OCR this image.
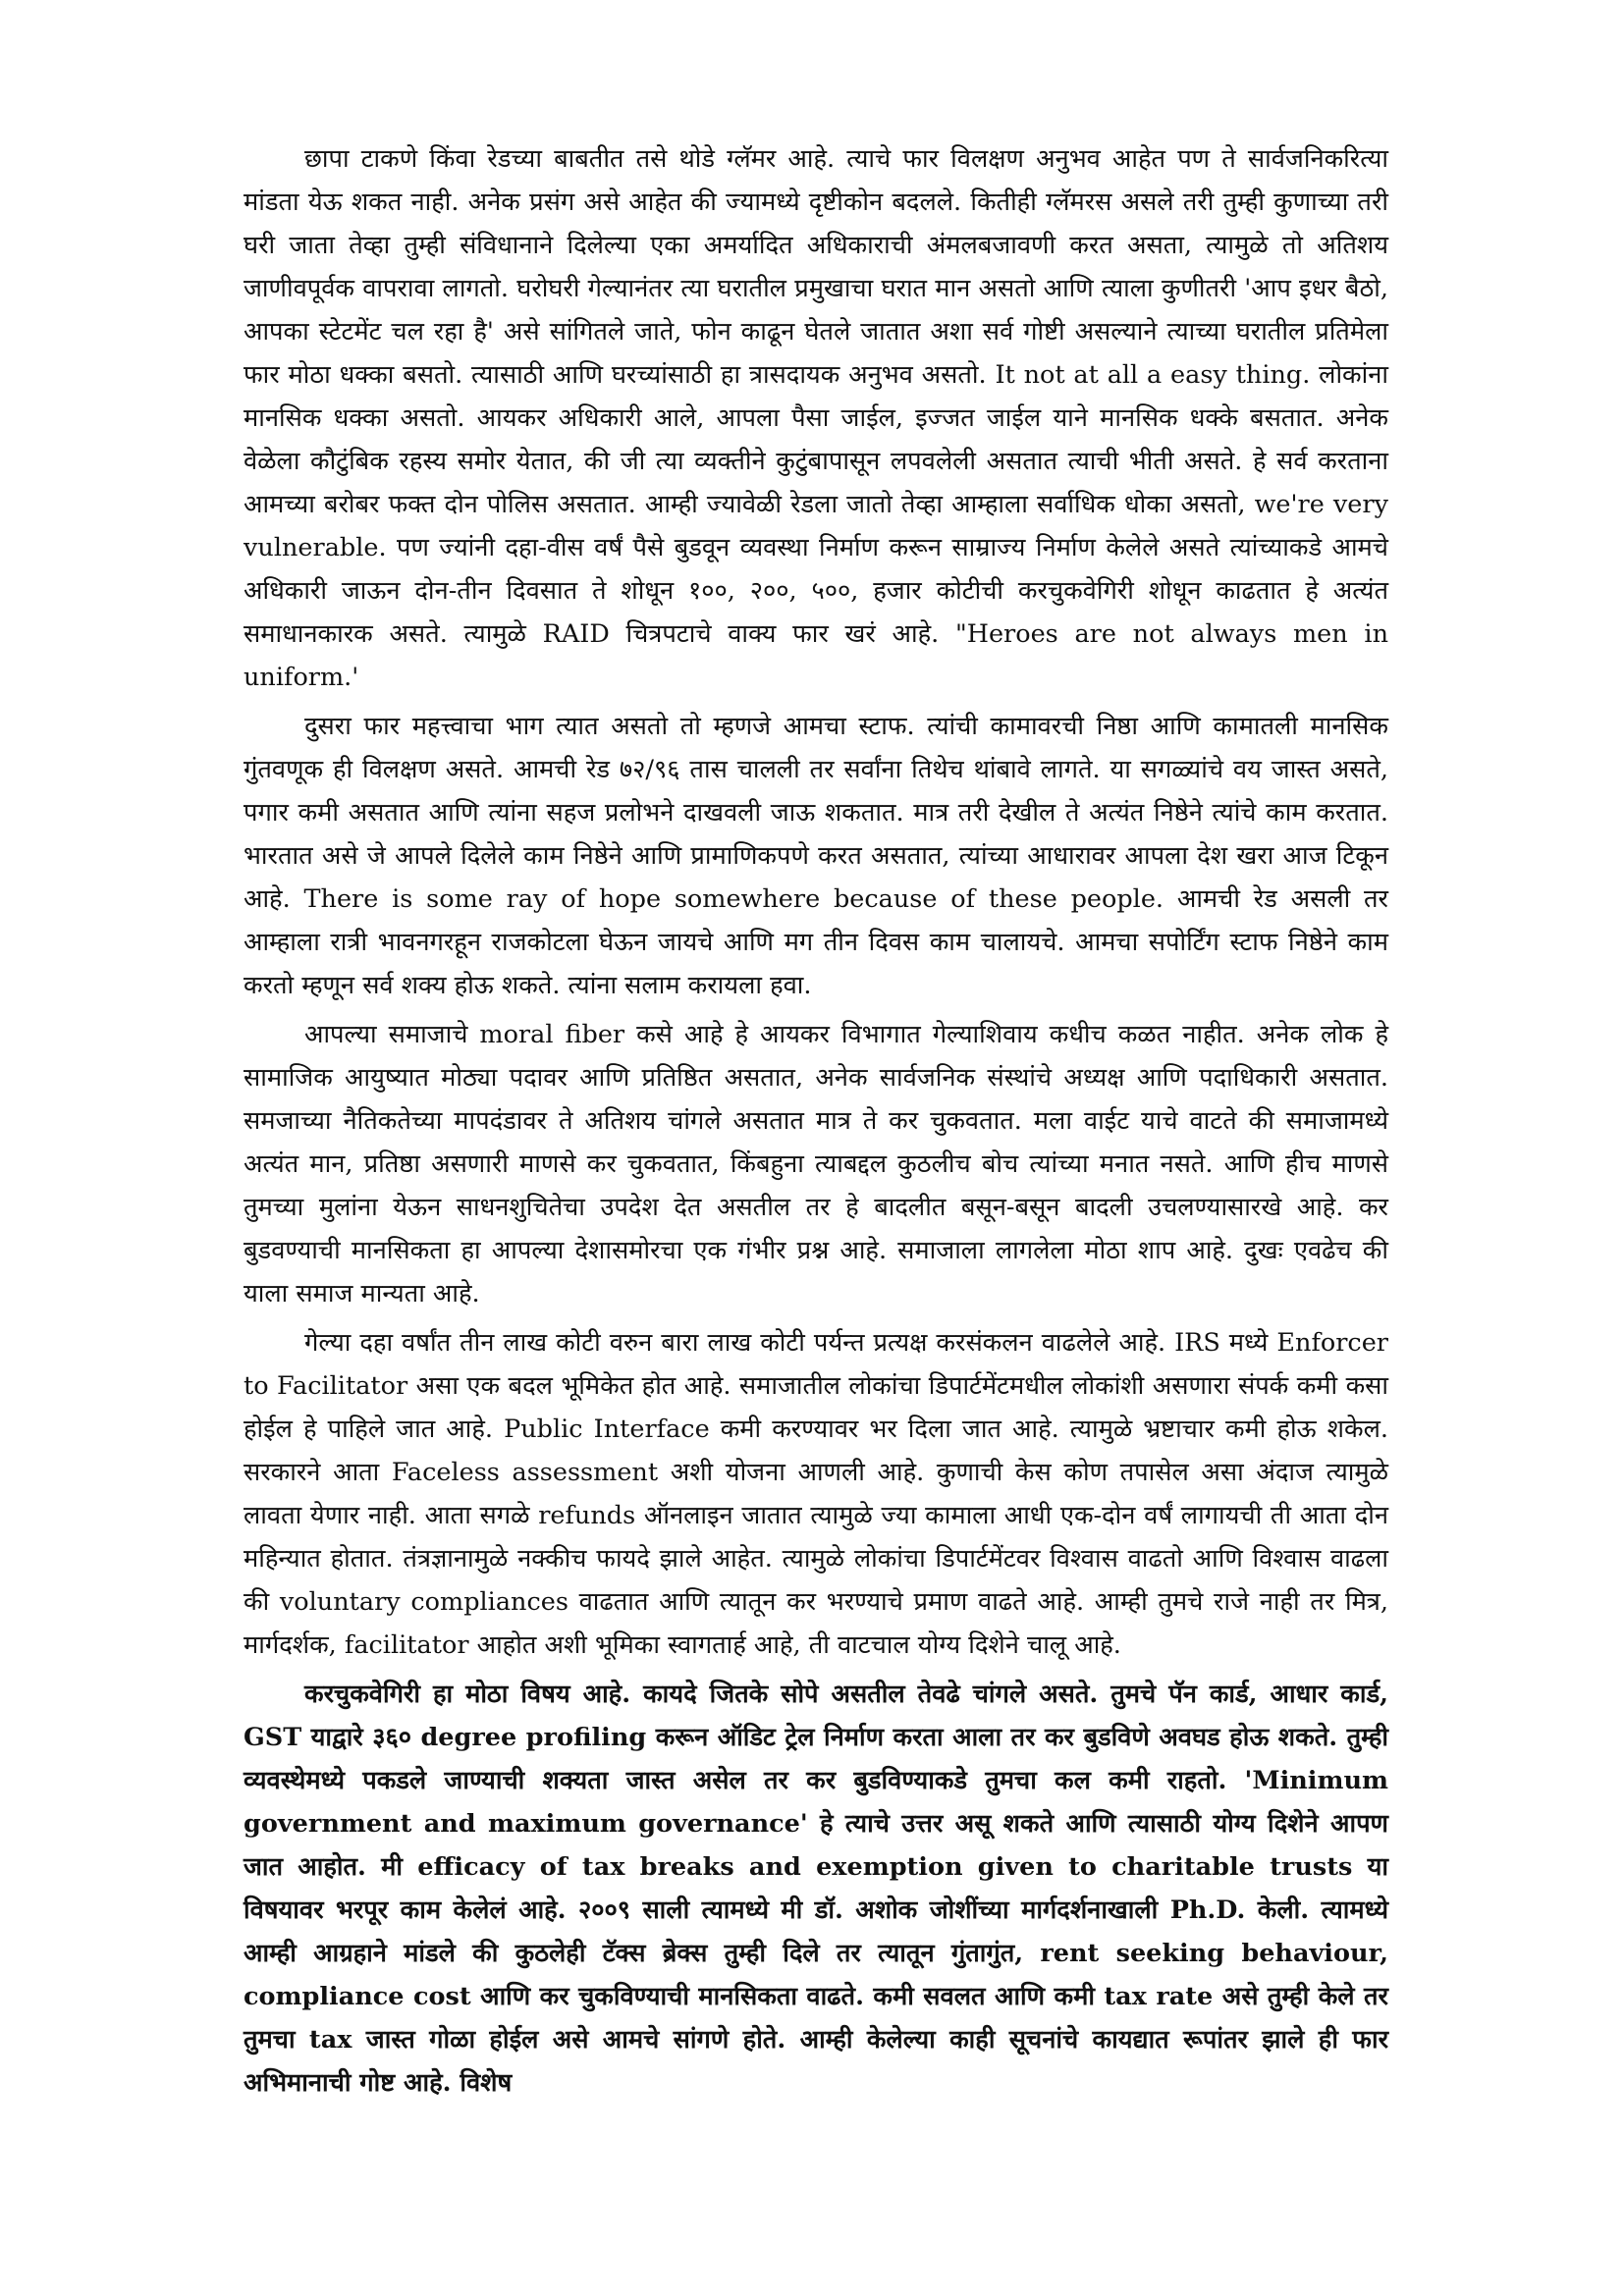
छापा टाकणे किंवा रेडच्या बाबतीत तसे थोडे ग्लॅमर आहे. त्याचे फार विलक्षण अनुभव आहेत पण ते सार्वजनिकरित्या मांडता येऊ शकत नाही. अनेक प्रसंग असे आहेत की ज्यामध्ये दृष्टीकोन बदलले. कितीही ग्लॅमरस असले तरी तुम्ही कुणाच्या तरी घरी जाता तेव्हा तुम्ही संविधानाने दिलेल्या एका अमर्यादित अधिकाराची अंमलबजावणी करत असता, त्यामुळे तो अतिशय जाणीवपूर्वक वापरावा लागतो. घरोघरी गेल्यानंतर त्या घरातील प्रमुखाचा घरात मान असतो आणि त्याला कुणीतरी 'आप इधर बैठो, आपका स्टेटमेंट चल रहा है' असे सांगितले जाते, फोन काढून घेतले जातात अशा सर्व गोष्टी असल्याने त्याच्या घरातील प्रतिमेला फार मोठा धक्का बसतो. त्यासाठी आणि घरच्यांसाठी हा त्रासदायक अनुभव असतो. It not at all a easy thing. लोकांना मानसिक धक्का असतो. आयकर अधिकारी आले, आपला पैसा जाईल, इज्जत जाईल याने मानसिक धक्के बसतात. अनेक वेळेला कौटुंबिक रहस्य समोर येतात, की जी त्या व्यक्तीने कुटुंबापासून लपवलेली असतात त्याची भीती असते. हे सर्व करताना आमच्या बरोबर फक्त दोन पोलिस असतात. आम्ही ज्यावेळी रेडला जातो तेव्हा आम्हाला सर्वाधिक धोका असतो, we're very vulnerable. पण ज्यांनी दहा-वीस वर्षं पैसे बुडवून व्यवस्था निर्माण करून साम्राज्य निर्माण केलेले असते त्यांच्याकडे आमचे अधिकारी जाऊन दोन-तीन दिवसात ते शोधून १००, २००, ५००, हजार कोटीची करचुकवेगिरी शोधून काढतात हे अत्यंत समाधानकारक असते. त्यामुळे RAID चित्रपटाचे वाक्य फार खरं आहे. "Heroes are not always men in uniform.'

दुसरा फार महत्त्वाचा भाग त्यात असतो तो म्हणजे आमचा स्टाफ. त्यांची कामावरची निष्ठा आणि कामातली मानसिक गुंतवणूक ही विलक्षण असते. आमची रेड ७२/९६ तास चालली तर सर्वांना तिथेच थांबावे लागते. या सगळ्यांचे वय जास्त असते, पगार कमी असतात आणि त्यांना सहज प्रलोभने दाखवली जाऊ शकतात. मात्र तरी देखील ते अत्यंत निष्ठेने त्यांचे काम करतात. भारतात असे जे आपले दिलेले काम निष्ठेने आणि प्रामाणिकपणे करत असतात, त्यांच्या आधारावर आपला देश खरा आज टिकून आहे. There is some ray of hope somewhere because of these people. आमची रेड असली तर आम्हाला रात्री भावनगरहून राजकोटला घेऊन जायचे आणि मग तीन दिवस काम चालायचे. आमचा सपोर्टिंग स्टाफ निष्ठेने काम करतो म्हणून सर्व शक्य होऊ शकते. त्यांना सलाम करायला हवा.

आपल्या समाजाचे moral fiber कसे आहे हे आयकर विभागात गेल्याशिवाय कधीच कळत नाहीत. अनेक लोक हे सामाजिक आयुष्यात मोठ्या पदावर आणि प्रतिष्ठित असतात, अनेक सार्वजनिक संस्थांचे अध्यक्ष आणि पदाधिकारी असतात. समजाच्या नैतिकतेच्या मापदंडावर ते अतिशय चांगले असतात मात्र ते कर चुकवतात. मला वाईट याचे वाटते की समाजामध्ये अत्यंत मान, प्रतिष्ठा असणारी माणसे कर चुकवतात, किंबहुना त्याबद्दल कुठलीच बोच त्यांच्या मनात नसते. आणि हीच माणसे तुमच्या मुलांना येऊन साधनशुचितेचा उपदेश देत असतील तर हे बादलीत बसून-बसून बादली उचलण्यासारखे आहे. कर बुडवण्याची मानसिकता हा आपल्या देशासमोरचा एक गंभीर प्रश्न आहे. समाजाला लागलेला मोठा शाप आहे. दुखः एवढेच की याला समाज मान्यता आहे.

गेल्या दहा वर्षांत तीन लाख कोटी वरुन बारा लाख कोटी पर्यन्त प्रत्यक्ष करसंकलन वाढलेले आहे. IRS मध्ये Enforcer to Facilitator असा एक बदल भूमिकेत होत आहे. समाजातील लोकांचा डिपार्टमेंटमधील लोकांशी असणारा संपर्क कमी कसा होईल हे पाहिले जात आहे. Public Interface कमी करण्यावर भर दिला जात आहे. त्यामुळे भ्रष्टाचार कमी होऊ शकेल. सरकारने आता Faceless assessment अशी योजना आणली आहे. कुणाची केस कोण तपासेल असा अंदाज त्यामुळे लावता येणार नाही. आता सगळे refunds ऑनलाइन जातात त्यामुळे ज्या कामाला आधी एक-दोन वर्षं लागायची ती आता दोन महिन्यात होतात. तंत्रज्ञानामुळे नक्कीच फायदे झाले आहेत. त्यामुळे लोकांचा डिपार्टमेंटवर विश्वास वाढतो आणि विश्वास वाढला की voluntary compliances वाढतात आणि त्यातून कर भरण्याचे प्रमाण वाढते आहे. आम्ही तुमचे राजे नाही तर मित्र, मार्गदर्शक, facilitator आहोत अशी भूमिका स्वागतार्ह आहे, ती वाटचाल योग्य दिशेने चालू आहे.

करचुकवेगिरी हा मोठा विषय आहे. कायदे जितके सोपे असतील तेवढे चांगले असते. तुमचे पॅन कार्ड, आधार कार्ड, GST याद्वारे ३६० degree profiling करून ऑडिट ट्रेल निर्माण करता आला तर कर बुडविणे अवघड होऊ शकते. तुम्ही व्यवस्थेमध्ये पकडले जाण्याची शक्यता जास्त असेल तर कर बुडविण्याकडे तुमचा कल कमी राहतो. 'Minimum government and maximum governance' हे त्याचे उत्तर असू शकते आणि त्यासाठी योग्य दिशेने आपण जात आहोत. मी efficacy of tax breaks and exemption given to charitable trusts या विषयावर भरपूर काम केलेलं आहे. २००९ साली त्यामध्ये मी डॉ. अशोक जोशींच्या मार्गदर्शनाखाली Ph.D. केली. त्यामध्ये आम्ही आग्रहाने मांडले की कुठलेही टॅक्स ब्रेक्स तुम्ही दिले तर त्यातून गुंतागुंत, rent seeking behaviour, compliance cost आणि कर चुकविण्याची मानसिकता वाढते. कमी सवलत आणि कमी tax rate असे तुम्ही केले तर तुमचा tax जास्त गोळा होईल असे आमचे सांगणे होते. आम्ही केलेल्या काही सूचनांचे कायद्यात रूपांतर झाले ही फार अभिमानाची गोष्ट आहे. विशेष
